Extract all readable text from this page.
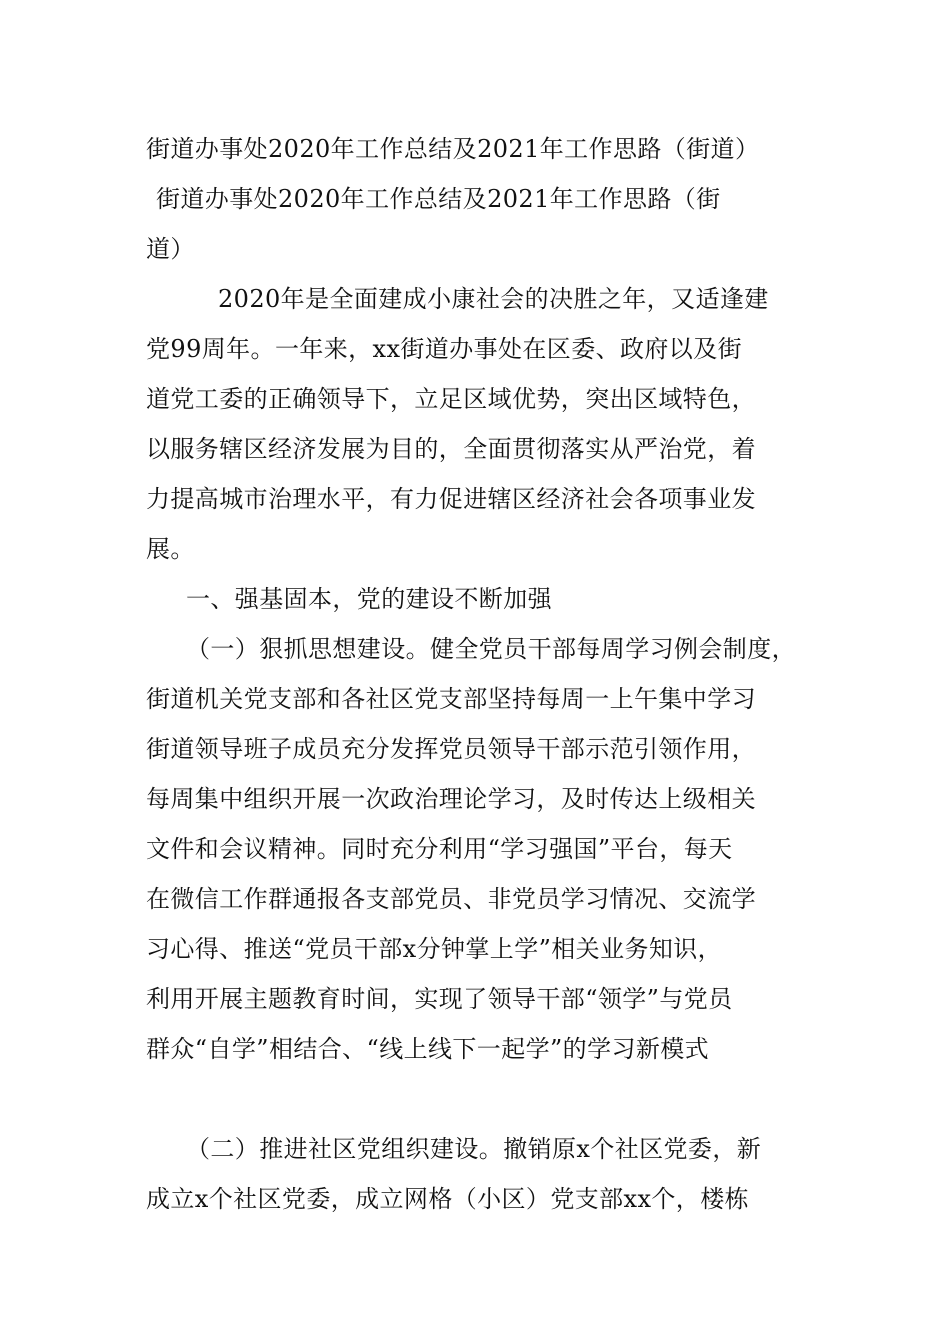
街道办事处2020年工作总结及2021年工作思路（街道）
街道办事处2020年工作总结及2021年工作思路（街
道）
2020年是全面建成小康社会的决胜之年，又适逢建
党99周年。一年来，xx街道办事处在区委、政府以及街
道党工委的正确领导下，立足区域优势，突出区域特色，
以服务辖区经济发展为目的，全面贯彻落实从严治党，着
力提高城市治理水平，有力促进辖区经济社会各项事业发
展。
一、强基固本，党的建设不断加强
（一）狠抓思想建设。健全党员干部每周学习例会制度，
街道机关党支部和各社区党支部坚持每周一上午集中学习
街道领导班子成员充分发挥党员领导干部示范引领作用，
每周集中组织开展一次政治理论学习，及时传达上级相关
文件和会议精神。同时充分利用“学习强国”平台，每天
在微信工作群通报各支部党员、非党员学习情况、交流学
习心得、推送“党员干部x分钟掌上学”相关业务知识，
利用开展主题教育时间，实现了领导干部“领学”与党员
群众“自学”相结合、“线上线下一起学”的学习新模式
（二）推进社区党组织建设。撤销原x个社区党委，新
成立x个社区党委，成立网格（小区）党支部xx个，楼栋
